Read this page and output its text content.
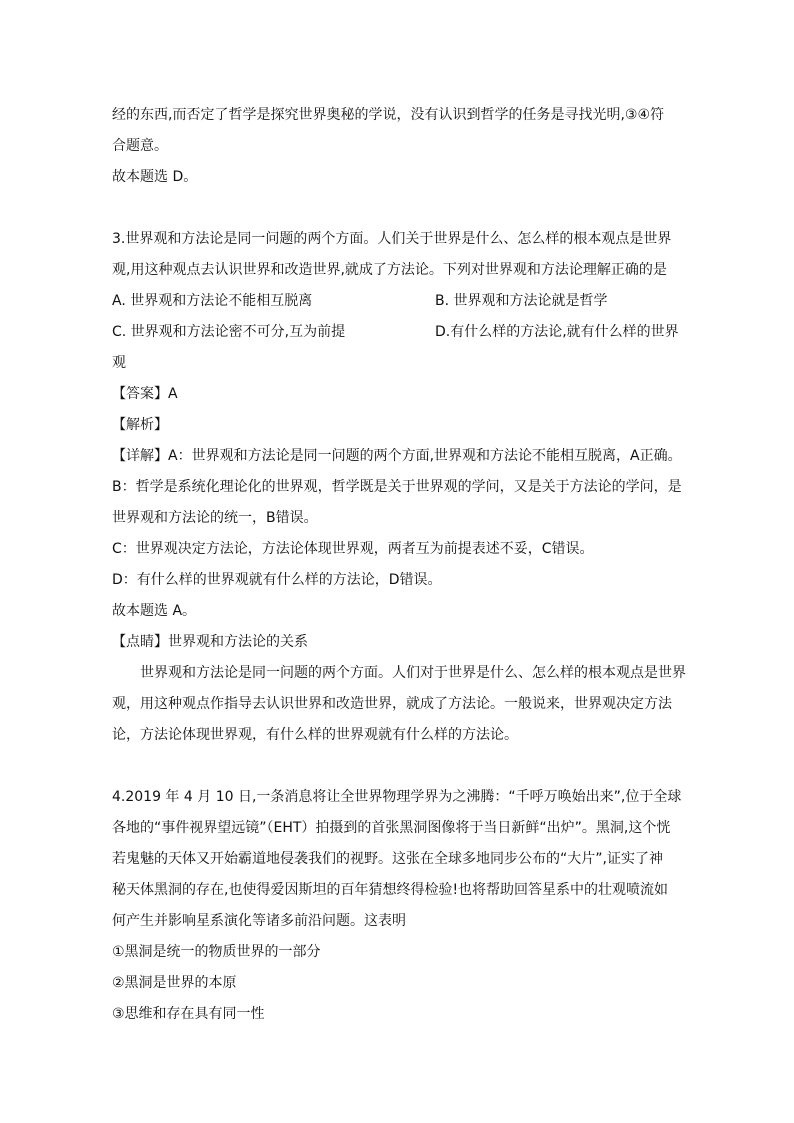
经的东西,而否定了哲学是探究世界奥秘的学说，没有认识到哲学的任务是寻找光明,③④符
合题意。
故本题选 D。
3.世界观和方法论是同一问题的两个方面。人们关于世界是什么、怎么样的根本观点是世界
观,用这种观点去认识世界和改造世界,就成了方法论。下列对世界观和方法论理解正确的是
A. 世界观和方法论不能相互脱离	B. 世界观和方法论就是哲学
C. 世界观和方法论密不可分,互为前提	D.有什么样的方法论,就有什么样的世界
观
【答案】A
【解析】
【详解】A：世界观和方法论是同一问题的两个方面,世界观和方法论不能相互脱离，A正确。
B：哲学是系统化理论化的世界观，哲学既是关于世界观的学问，又是关于方法论的学问，是
世界观和方法论的统一，B错误。
C：世界观决定方法论，方法论体现世界观，两者互为前提表述不妥，C错误。
D：有什么样的世界观就有什么样的方法论，D错误。
故本题选 A。
【点睛】世界观和方法论的关系
世界观和方法论是同一问题的两个方面。人们对于世界是什么、怎么样的根本观点是世界
观，用这种观点作指导去认识世界和改造世界，就成了方法论。一般说来，世界观决定方法
论，方法论体现世界观，有什么样的世界观就有什么样的方法论。
4.2019 年 4 月 10 日,一条消息将让全世界物理学界为之沸腾：“千呼万唤始出来”,位于全球
各地的“事件视界望远镜”（EHT）拍摄到的首张黑洞图像将于当日新鲜“出炉”。黑洞,这个恍
若鬼魅的天体又开始霸道地侵袭我们的视野。这张在全球多地同步公布的“大片”,证实了神
秘天体黑洞的存在,也使得爱因斯坦的百年猜想终得检验!也将帮助回答星系中的壮观喷流如
何产生并影响星系演化等诸多前沿问题。这表明
①黑洞是统一的物质世界的一部分
②黑洞是世界的本原
③思维和存在具有同一性
